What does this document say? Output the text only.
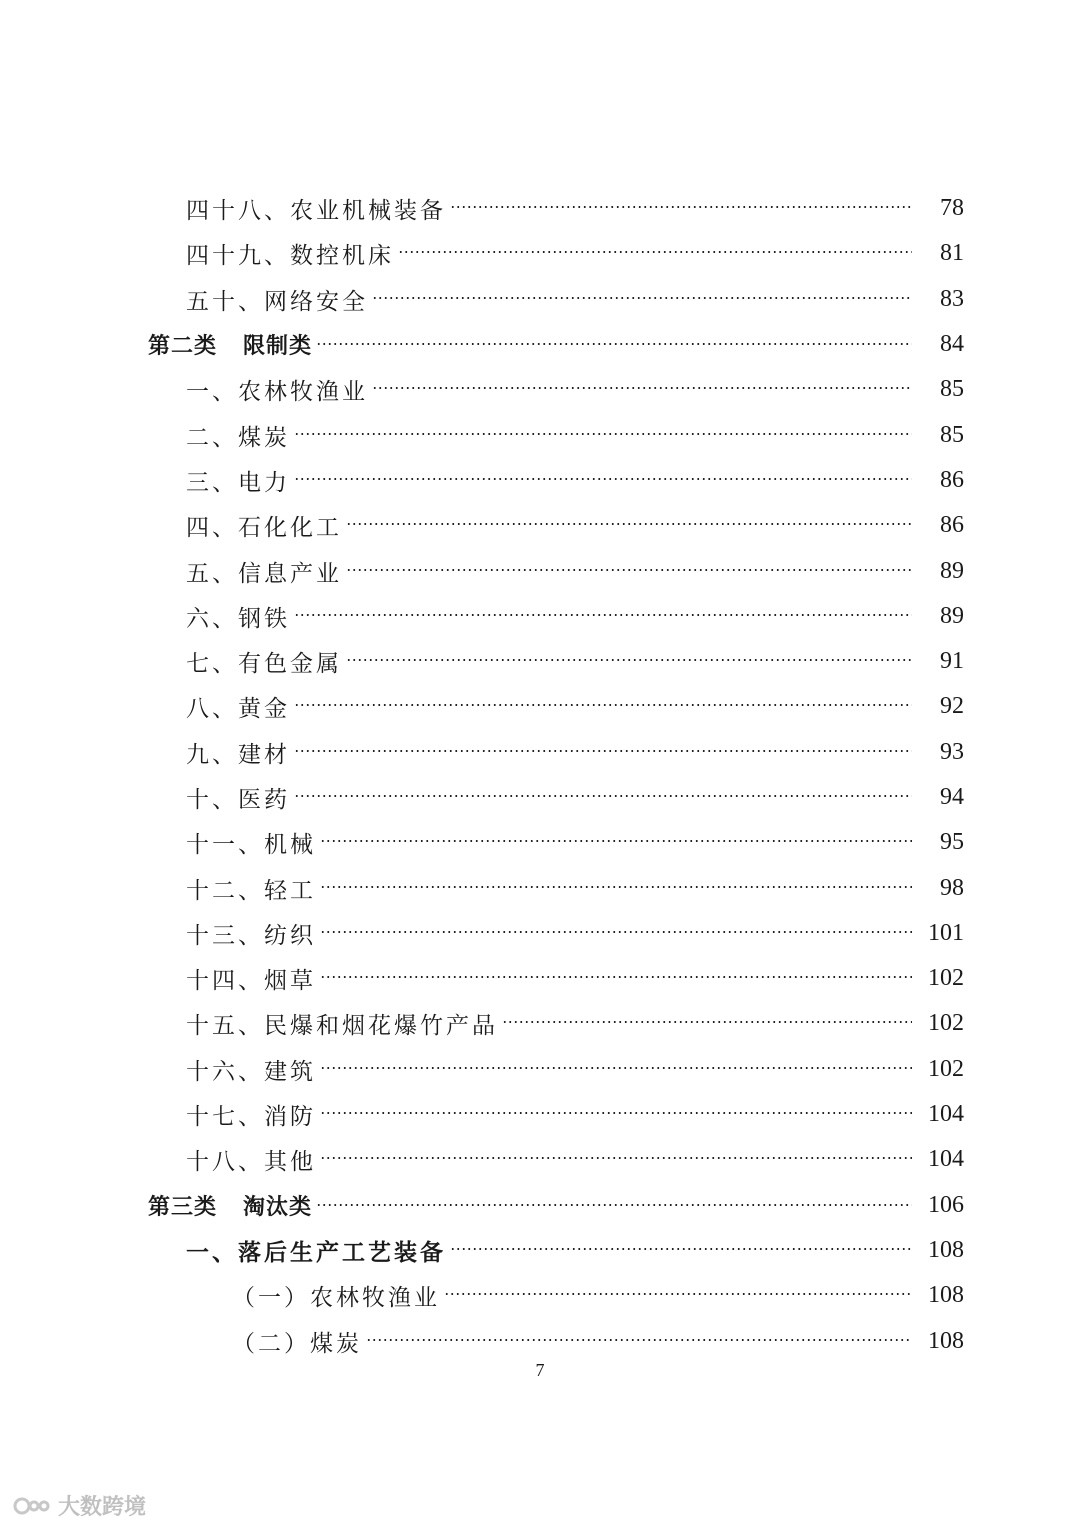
四十八、农业机械装备	78
四十九、数控机床	81
五十、网络安全	83
第二类 限制类	84
一、农林牧渔业	85
二、煤炭	85
三、电力	86
四、石化化工	86
五、信息产业	89
六、钢铁	89
七、有色金属	91
八、黄金	92
九、建材	93
十、医药	94
十一、机械	95
十二、轻工	98
十三、纺织	101
十四、烟草	102
十五、民爆和烟花爆竹产品	102
十六、建筑	102
十七、消防	104
十八、其他	104
第三类 淘汰类	106
一、落后生产工艺装备	108
（一）农林牧渔业	108
（二）煤炭	108
7
大数跨境
